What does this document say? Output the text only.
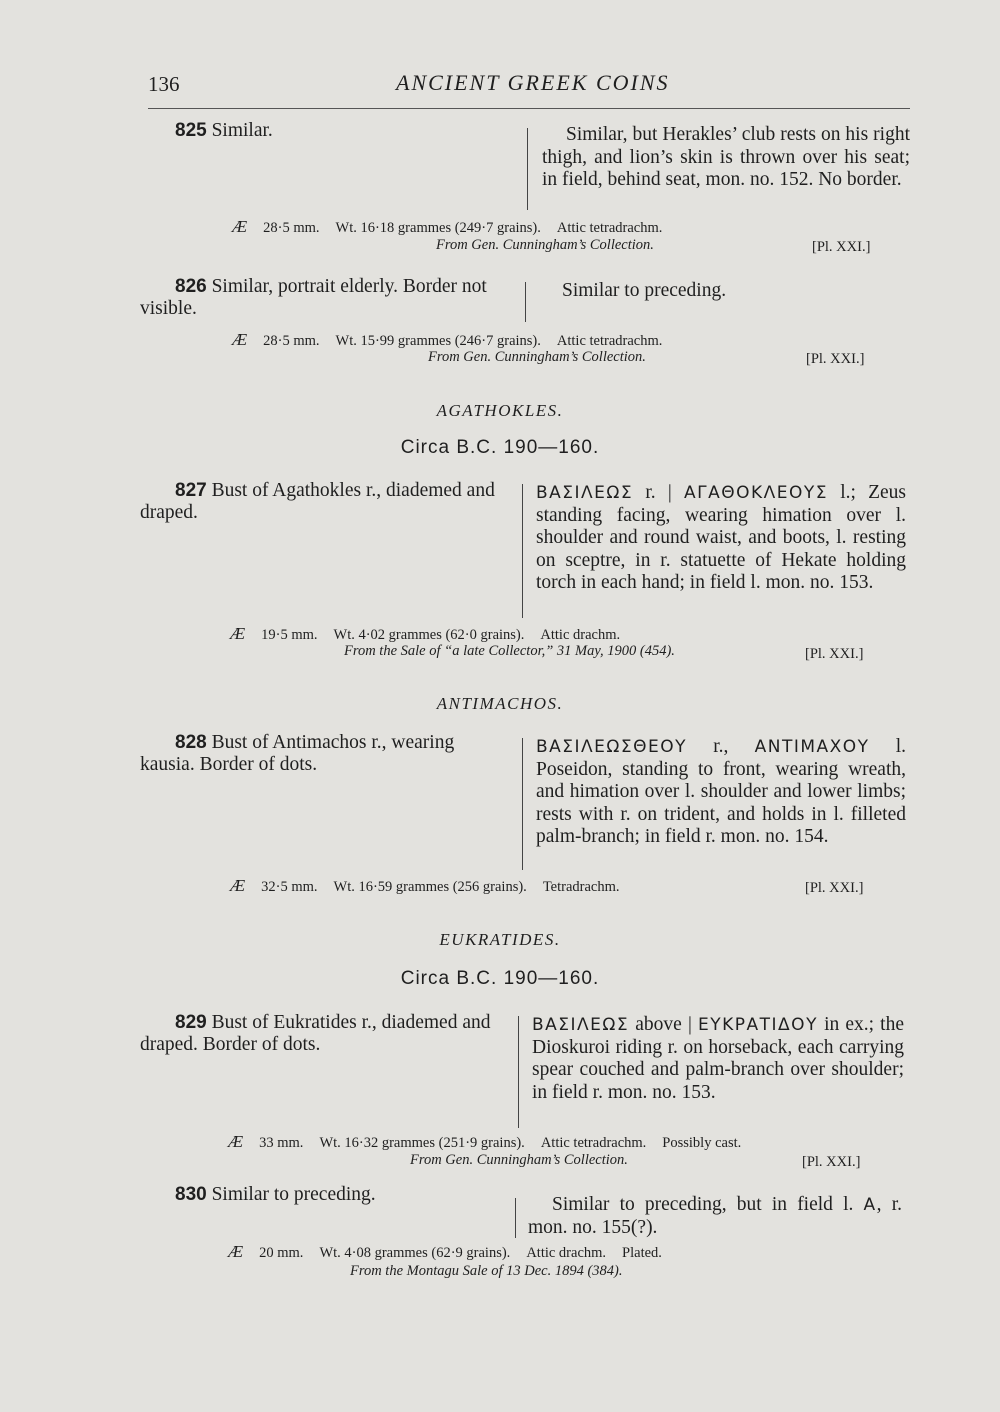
136	ANCIENT GREEK COINS
825 Similar.	Similar, but Herakles’ club rests on his right thigh, and lion’s skin is thrown over his seat; in field, behind seat, mon. no. 152. No border.
Æ 28·5 mm. Wt. 16·18 grammes (249·7 grains). Attic tetradrachm.
From Gen. Cunningham’s Collection.	[Pl. XXI.]
826 Similar, portrait elderly. Border not visible.
Similar to preceding.
Æ 28·5 mm. Wt. 15·99 grammes (246·7 grains). Attic tetradrachm.
From Gen. Cunningham’s Collection.	[Pl. XXI.]
AGATHOKLES.
Circa B.C. 190—160.
827 Bust of Agathokles r., diademed and draped.
ΒΑΣΙΛΕΩΣ r. | ΑΓΑΘΟΚΛΕΟΥΣ l.; Zeus standing facing, wearing himation over l. shoulder and round waist, and boots, l. resting on sceptre, in r. statuette of Hekate holding torch in each hand; in field l. mon. no. 153.
Æ 19·5 mm. Wt. 4·02 grammes (62·0 grains). Attic drachm.
From the Sale of “a late Collector,” 31 May, 1900 (454).	[Pl. XXI.]
ANTIMACHOS.
828 Bust of Antimachos r., wearing kausia. Border of dots.
ΒΑΣΙΛΕΩΣΘΕΟΥ r., ΑΝΤΙΜΑΧΟΥ l. Poseidon, standing to front, wearing wreath, and himation over l. shoulder and lower limbs; rests with r. on trident, and holds in l. filleted palm-branch; in field r. mon. no. 154.
Æ 32·5 mm. Wt. 16·59 grammes (256 grains). Tetradrachm.	[Pl. XXI.]
EUKRATIDES.
Circa B.C. 190—160.
829 Bust of Eukratides r., diademed and draped. Border of dots.
ΒΑΣΙΛΕΩΣ above | ΕΥΚΡΑΤΙΔΟΥ in ex.; the Dioskuroi riding r. on horseback, each carrying spear couched and palm-branch over shoulder; in field r. mon. no. 153.
Æ 33 mm. Wt. 16·32 grammes (251·9 grains). Attic tetradrachm. Possibly cast.
From Gen. Cunningham’s Collection.	[Pl. XXI.]
830 Similar to preceding.	Similar to preceding, but in field l. Α, r. mon. no. 155(?).
Æ 20 mm. Wt. 4·08 grammes (62·9 grains). Attic drachm. Plated.
From the Montagu Sale of 13 Dec. 1894 (384).
